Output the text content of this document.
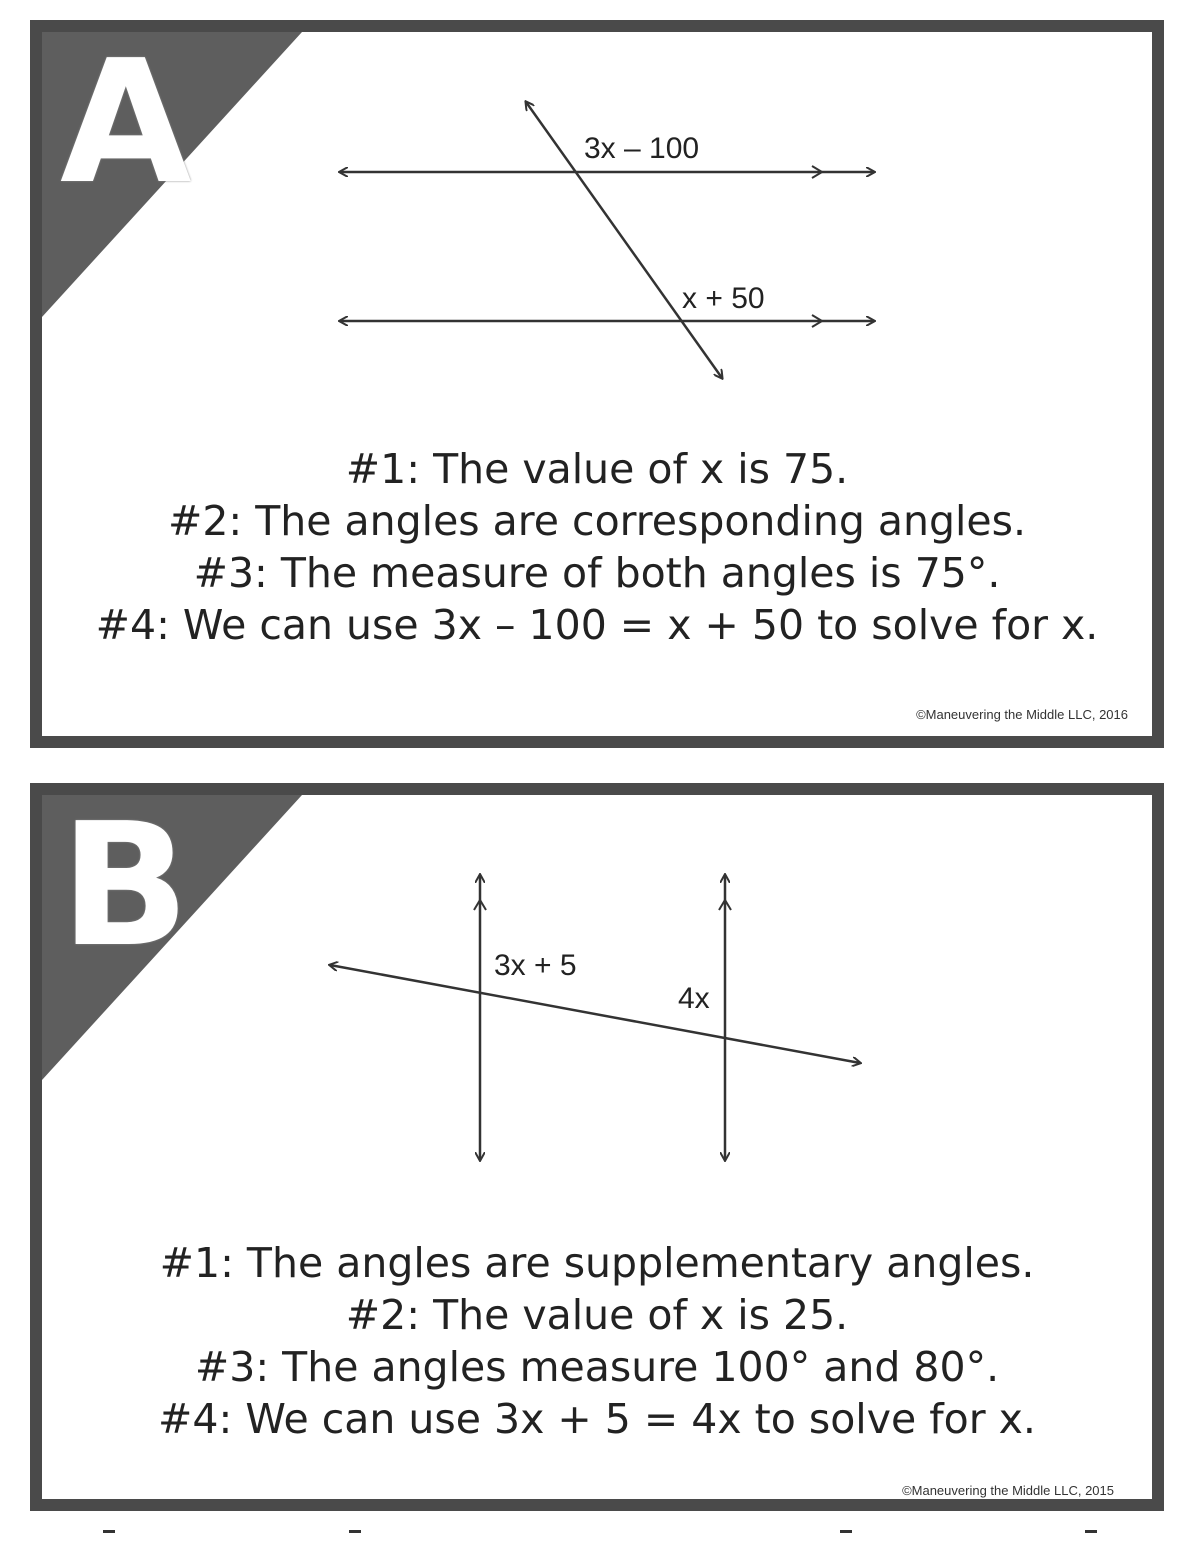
A	3x – 100
x + 50
#1: The value of x is 75.
#2: The angles are corresponding angles.
#3: The measure of both angles is 75°.
#4: We can use 3x – 100 = x + 50 to solve for x.
©Maneuvering the Middle LLC, 2016
B	3x + 5
4x
#1: The angles are supplementary angles.
#2: The value of x is 25.
#3: The angles measure 100° and 80°.
#4: We can use 3x + 5 = 4x to solve for x.
©Maneuvering the Middle LLC, 2015
